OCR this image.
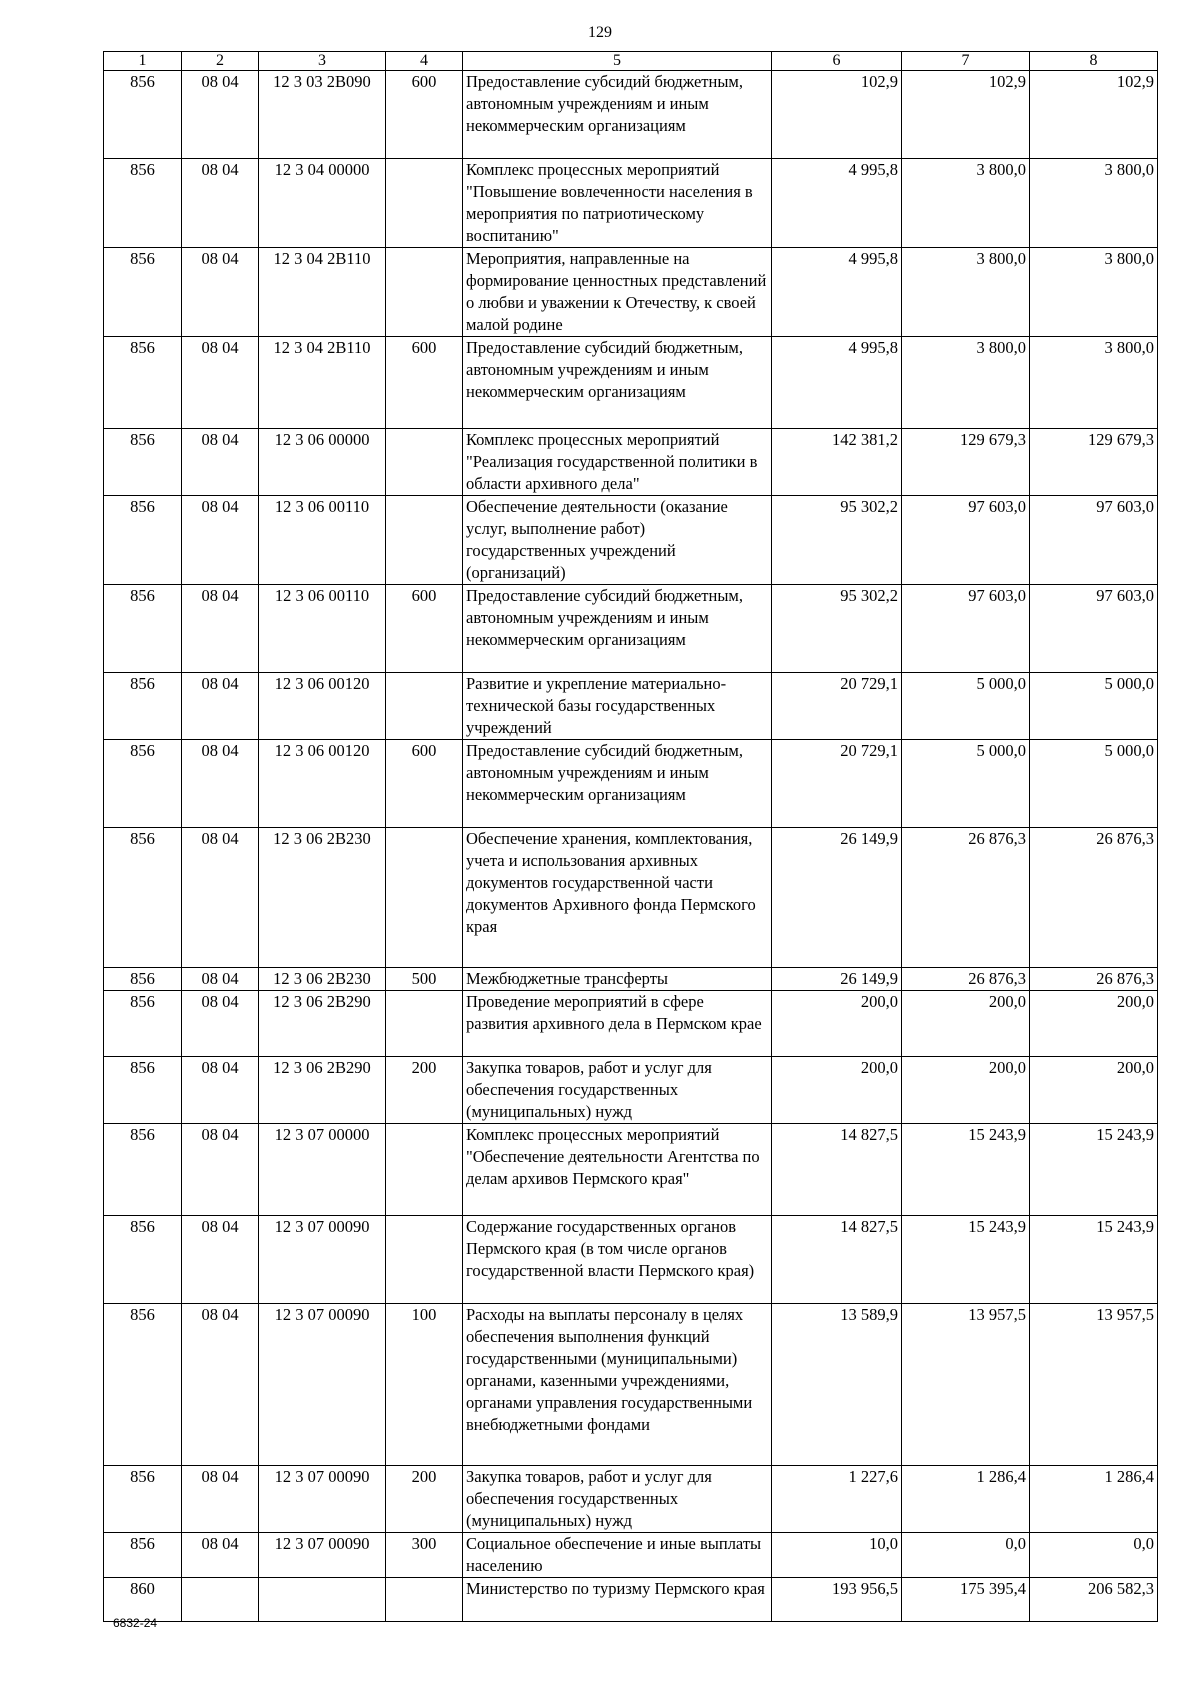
129
1	2	3	4	5	6	7	8
856	08 04	12 3 03 2В090	600	Предоставление субсидий бюджетным, автономным учреждениям и иным некоммерческим организациям	102,9	102,9	102,9
856	08 04	12 3 04 00000		Комплекс процессных мероприятий "Повышение вовлеченности населения в мероприятия по патриотическому воспитанию"	4 995,8	3 800,0	3 800,0
856	08 04	12 3 04 2В110		Мероприятия, направленные на формирование ценностных представлений о любви и уважении к Отечеству, к своей малой родине	4 995,8	3 800,0	3 800,0
856	08 04	12 3 04 2В110	600	Предоставление субсидий бюджетным, автономным учреждениям и иным некоммерческим организациям	4 995,8	3 800,0	3 800,0
856	08 04	12 3 06 00000		Комплекс процессных мероприятий "Реализация государственной политики в области архивного дела"	142 381,2	129 679,3	129 679,3
856	08 04	12 3 06 00110		Обеспечение деятельности (оказание услуг, выполнение работ) государственных учреждений (организаций)	95 302,2	97 603,0	97 603,0
856	08 04	12 3 06 00110	600	Предоставление субсидий бюджетным, автономным учреждениям и иным некоммерческим организациям	95 302,2	97 603,0	97 603,0
856	08 04	12 3 06 00120		Развитие и укрепление материально-технической базы государственных учреждений	20 729,1	5 000,0	5 000,0
856	08 04	12 3 06 00120	600	Предоставление субсидий бюджетным, автономным учреждениям и иным некоммерческим организациям	20 729,1	5 000,0	5 000,0
856	08 04	12 3 06 2В230		Обеспечение хранения, комплектования, учета и использования архивных документов государственной части документов Архивного фонда Пермского края	26 149,9	26 876,3	26 876,3
856	08 04	12 3 06 2В230	500	Межбюджетные трансферты	26 149,9	26 876,3	26 876,3
856	08 04	12 3 06 2В290		Проведение мероприятий в сфере развития архивного дела в Пермском крае	200,0	200,0	200,0
856	08 04	12 3 06 2В290	200	Закупка товаров, работ и услуг для обеспечения государственных (муниципальных) нужд	200,0	200,0	200,0
856	08 04	12 3 07 00000		Комплекс процессных мероприятий "Обеспечение деятельности Агентства по делам архивов Пермского края"	14 827,5	15 243,9	15 243,9
856	08 04	12 3 07 00090		Содержание государственных органов Пермского края (в том числе органов государственной власти Пермского края)	14 827,5	15 243,9	15 243,9
856	08 04	12 3 07 00090	100	Расходы на выплаты персоналу в целях обеспечения выполнения функций государственными (муниципальными) органами, казенными учреждениями, органами управления государственными внебюджетными фондами	13 589,9	13 957,5	13 957,5
856	08 04	12 3 07 00090	200	Закупка товаров, работ и услуг для обеспечения государственных (муниципальных) нужд	1 227,6	1 286,4	1 286,4
856	08 04	12 3 07 00090	300	Социальное обеспечение и иные выплаты населению	10,0	0,0	0,0
860				Министерство по туризму Пермского края	193 956,5	175 395,4	206 582,3
6832-24
